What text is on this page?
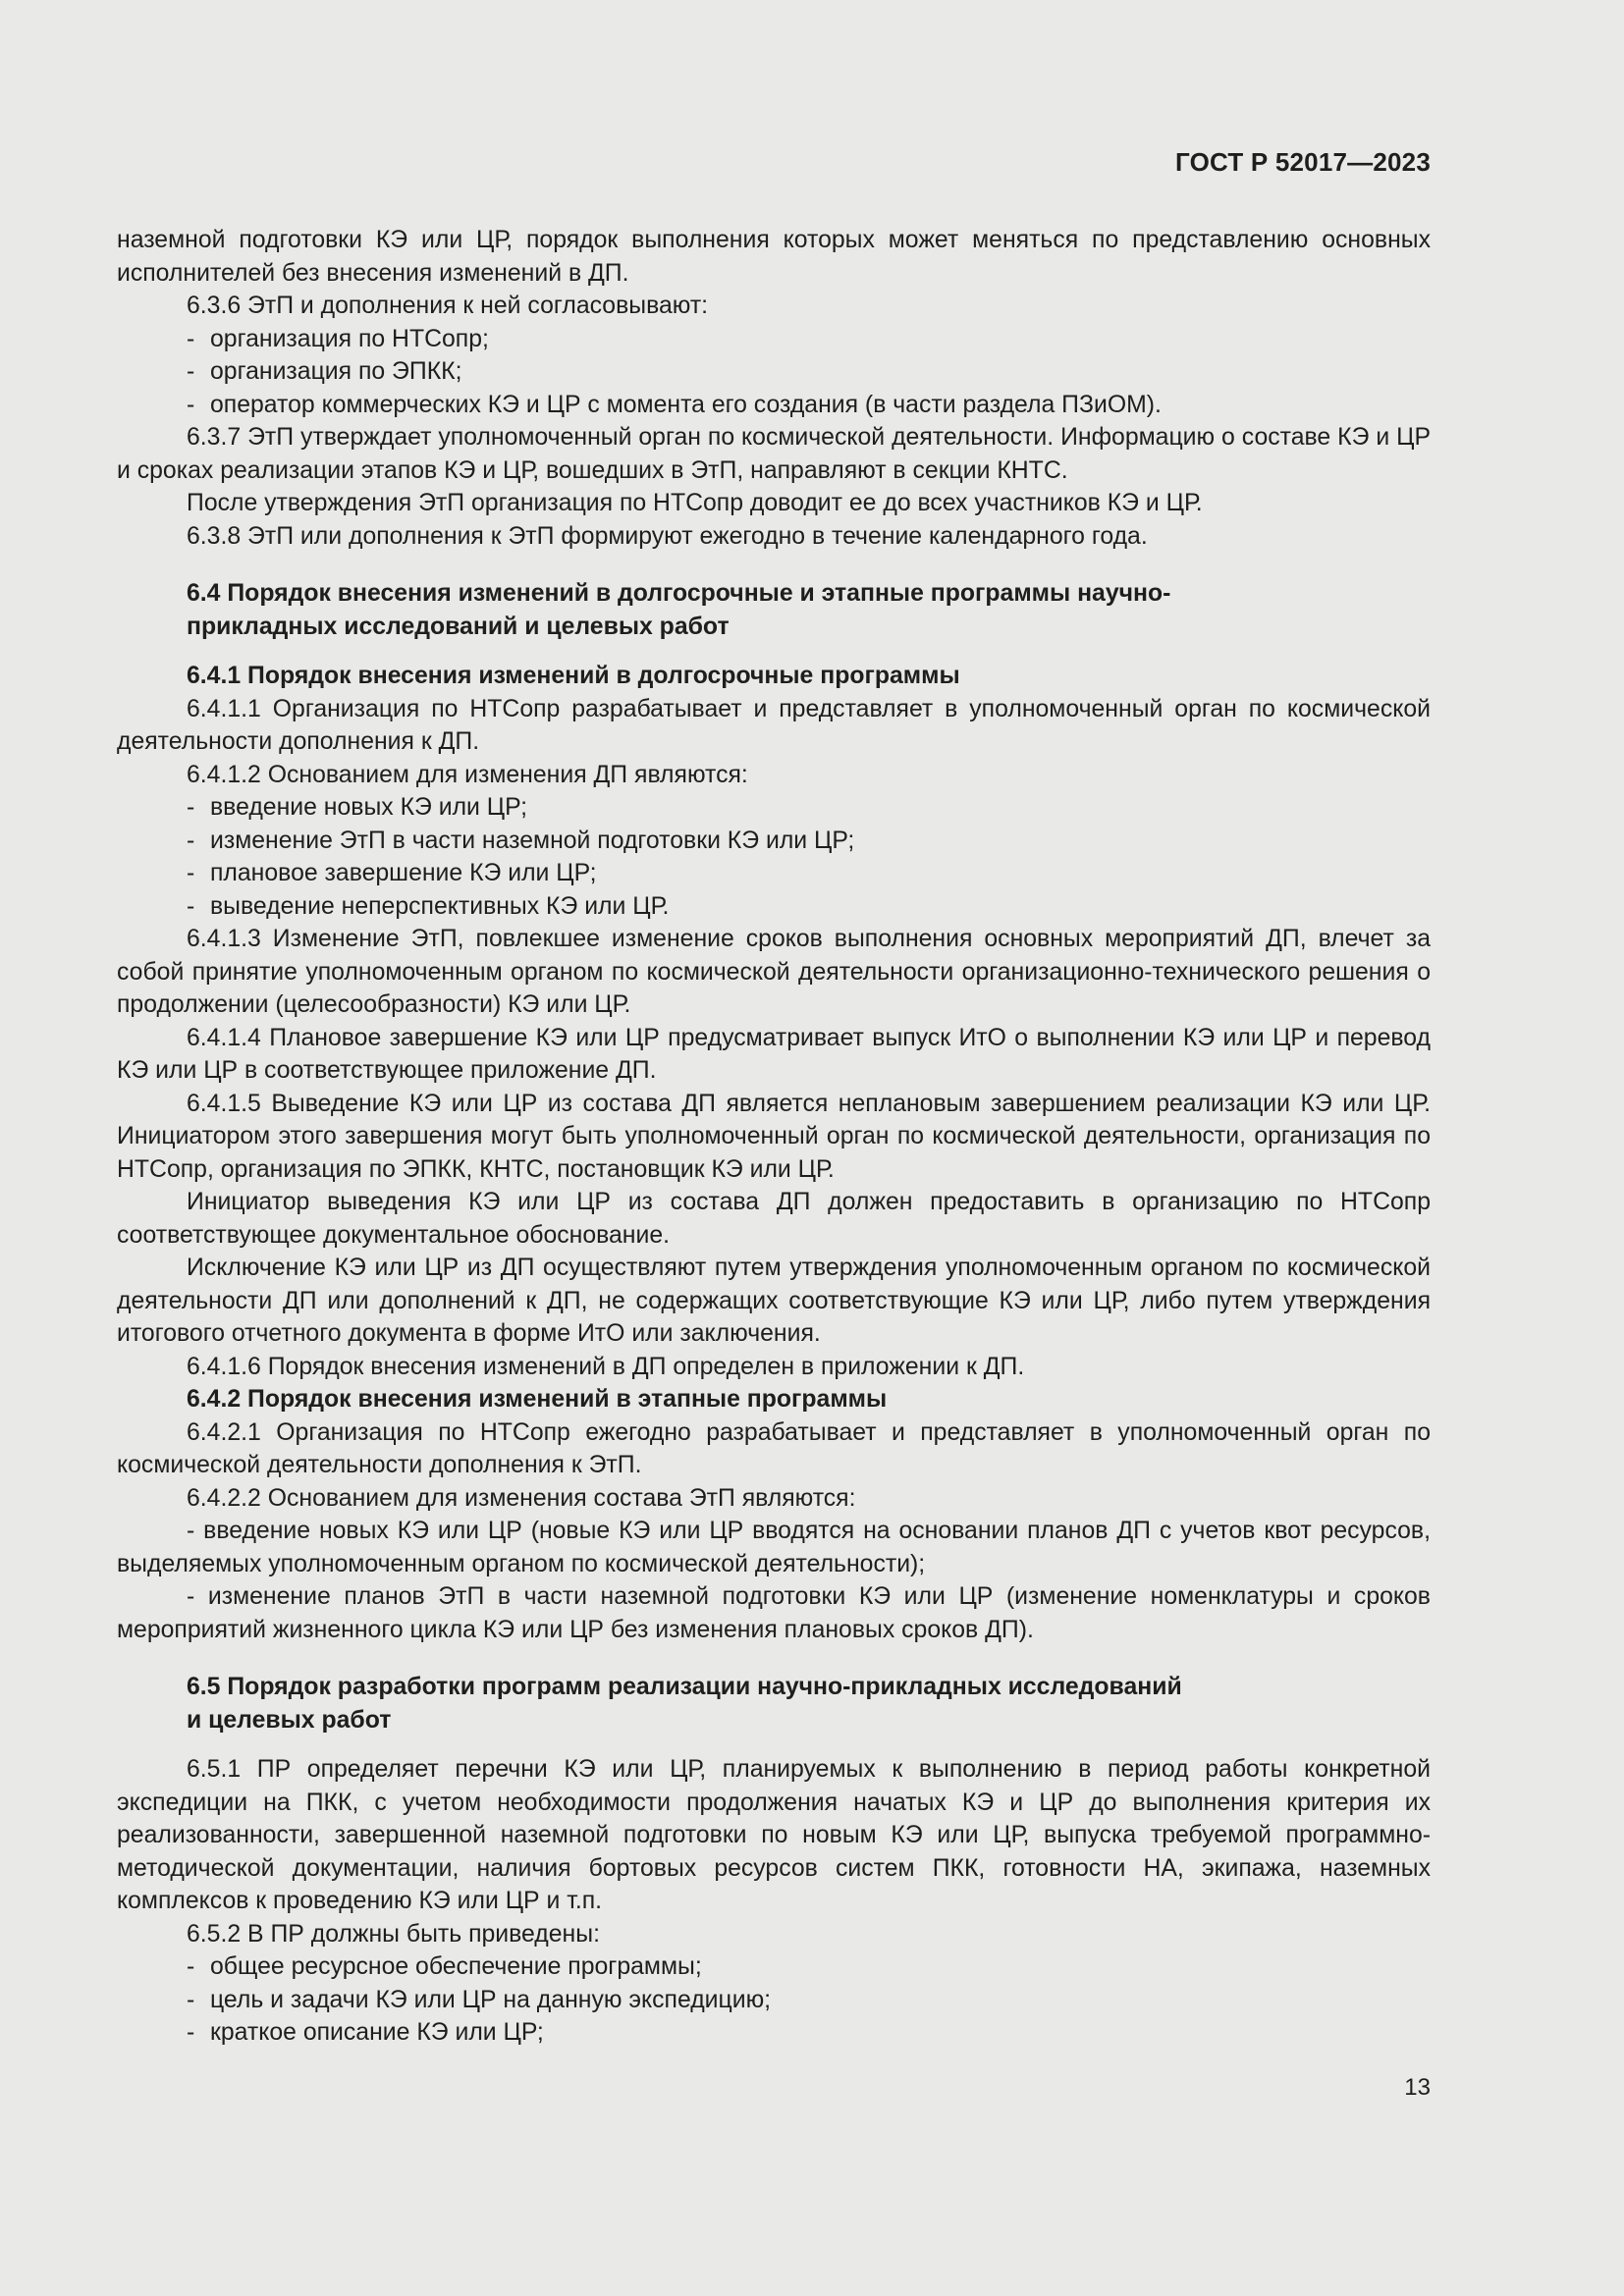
ГОСТ Р 52017—2023

наземной подготовки КЭ или ЦР, порядок выполнения которых может меняться по представлению основных исполнителей без внесения изменений в ДП.

6.3.6 ЭтП и дополнения к ней согласовывают:

- организация по НТСопр;

- организация по ЭПКК;

- оператор коммерческих КЭ и ЦР с момента его создания (в части раздела ПЗиОМ).

6.3.7 ЭтП утверждает уполномоченный орган по космической деятельности. Информацию о составе КЭ и ЦР и сроках реализации этапов КЭ и ЦР, вошедших в ЭтП, направляют в секции КНТС.

После утверждения ЭтП организация по НТСопр доводит ее до всех участников КЭ и ЦР.

6.3.8 ЭтП или дополнения к ЭтП формируют ежегодно в течение календарного года.

6.4 Порядок внесения изменений в долгосрочные и этапные программы научно-прикладных исследований и целевых работ

6.4.1 Порядок внесения изменений в долгосрочные программы

6.4.1.1 Организация по НТСопр разрабатывает и представляет в уполномоченный орган по космической деятельности дополнения к ДП.

6.4.1.2 Основанием для изменения ДП являются:

- введение новых КЭ или ЦР;

- изменение ЭтП в части наземной подготовки КЭ или ЦР;

- плановое завершение КЭ или ЦР;

- выведение неперспективных КЭ или ЦР.

6.4.1.3 Изменение ЭтП, повлекшее изменение сроков выполнения основных мероприятий ДП, влечет за собой принятие уполномоченным органом по космической деятельности организационно-технического решения о продолжении (целесообразности) КЭ или ЦР.

6.4.1.4 Плановое завершение КЭ или ЦР предусматривает выпуск ИтО о выполнении КЭ или ЦР и перевод КЭ или ЦР в соответствующее приложение ДП.

6.4.1.5 Выведение КЭ или ЦР из состава ДП является неплановым завершением реализации КЭ или ЦР. Инициатором этого завершения могут быть уполномоченный орган по космической деятельности, организация по НТСопр, организация по ЭПКК, КНТС, постановщик КЭ или ЦР.

Инициатор выведения КЭ или ЦР из состава ДП должен предоставить в организацию по НТСопр соответствующее документальное обоснование.

Исключение КЭ или ЦР из ДП осуществляют путем утверждения уполномоченным органом по космической деятельности ДП или дополнений к ДП, не содержащих соответствующие КЭ или ЦР, либо путем утверждения итогового отчетного документа в форме ИтО или заключения.

6.4.1.6 Порядок внесения изменений в ДП определен в приложении к ДП.

6.4.2 Порядок внесения изменений в этапные программы

6.4.2.1 Организация по НТСопр ежегодно разрабатывает и представляет в уполномоченный орган по космической деятельности дополнения к ЭтП.

6.4.2.2 Основанием для изменения состава ЭтП являются:

- введение новых КЭ или ЦР (новые КЭ или ЦР вводятся на основании планов ДП с учетов квот ресурсов, выделяемых уполномоченным органом по космической деятельности);

- изменение планов ЭтП в части наземной подготовки КЭ или ЦР (изменение номенклатуры и сроков мероприятий жизненного цикла КЭ или ЦР без изменения плановых сроков ДП).

6.5 Порядок разработки программ реализации научно-прикладных исследований и целевых работ

6.5.1 ПР определяет перечни КЭ или ЦР, планируемых к выполнению в период работы конкретной экспедиции на ПКК, с учетом необходимости продолжения начатых КЭ и ЦР до выполнения критерия их реализованности, завершенной наземной подготовки по новым КЭ или ЦР, выпуска требуемой программно-методической документации, наличия бортовых ресурсов систем ПКК, готовности НА, экипажа, наземных комплексов к проведению КЭ или ЦР и т.п.

6.5.2 В ПР должны быть приведены:

- общее ресурсное обеспечение программы;

- цель и задачи КЭ или ЦР на данную экспедицию;

- краткое описание КЭ или ЦР;

13
